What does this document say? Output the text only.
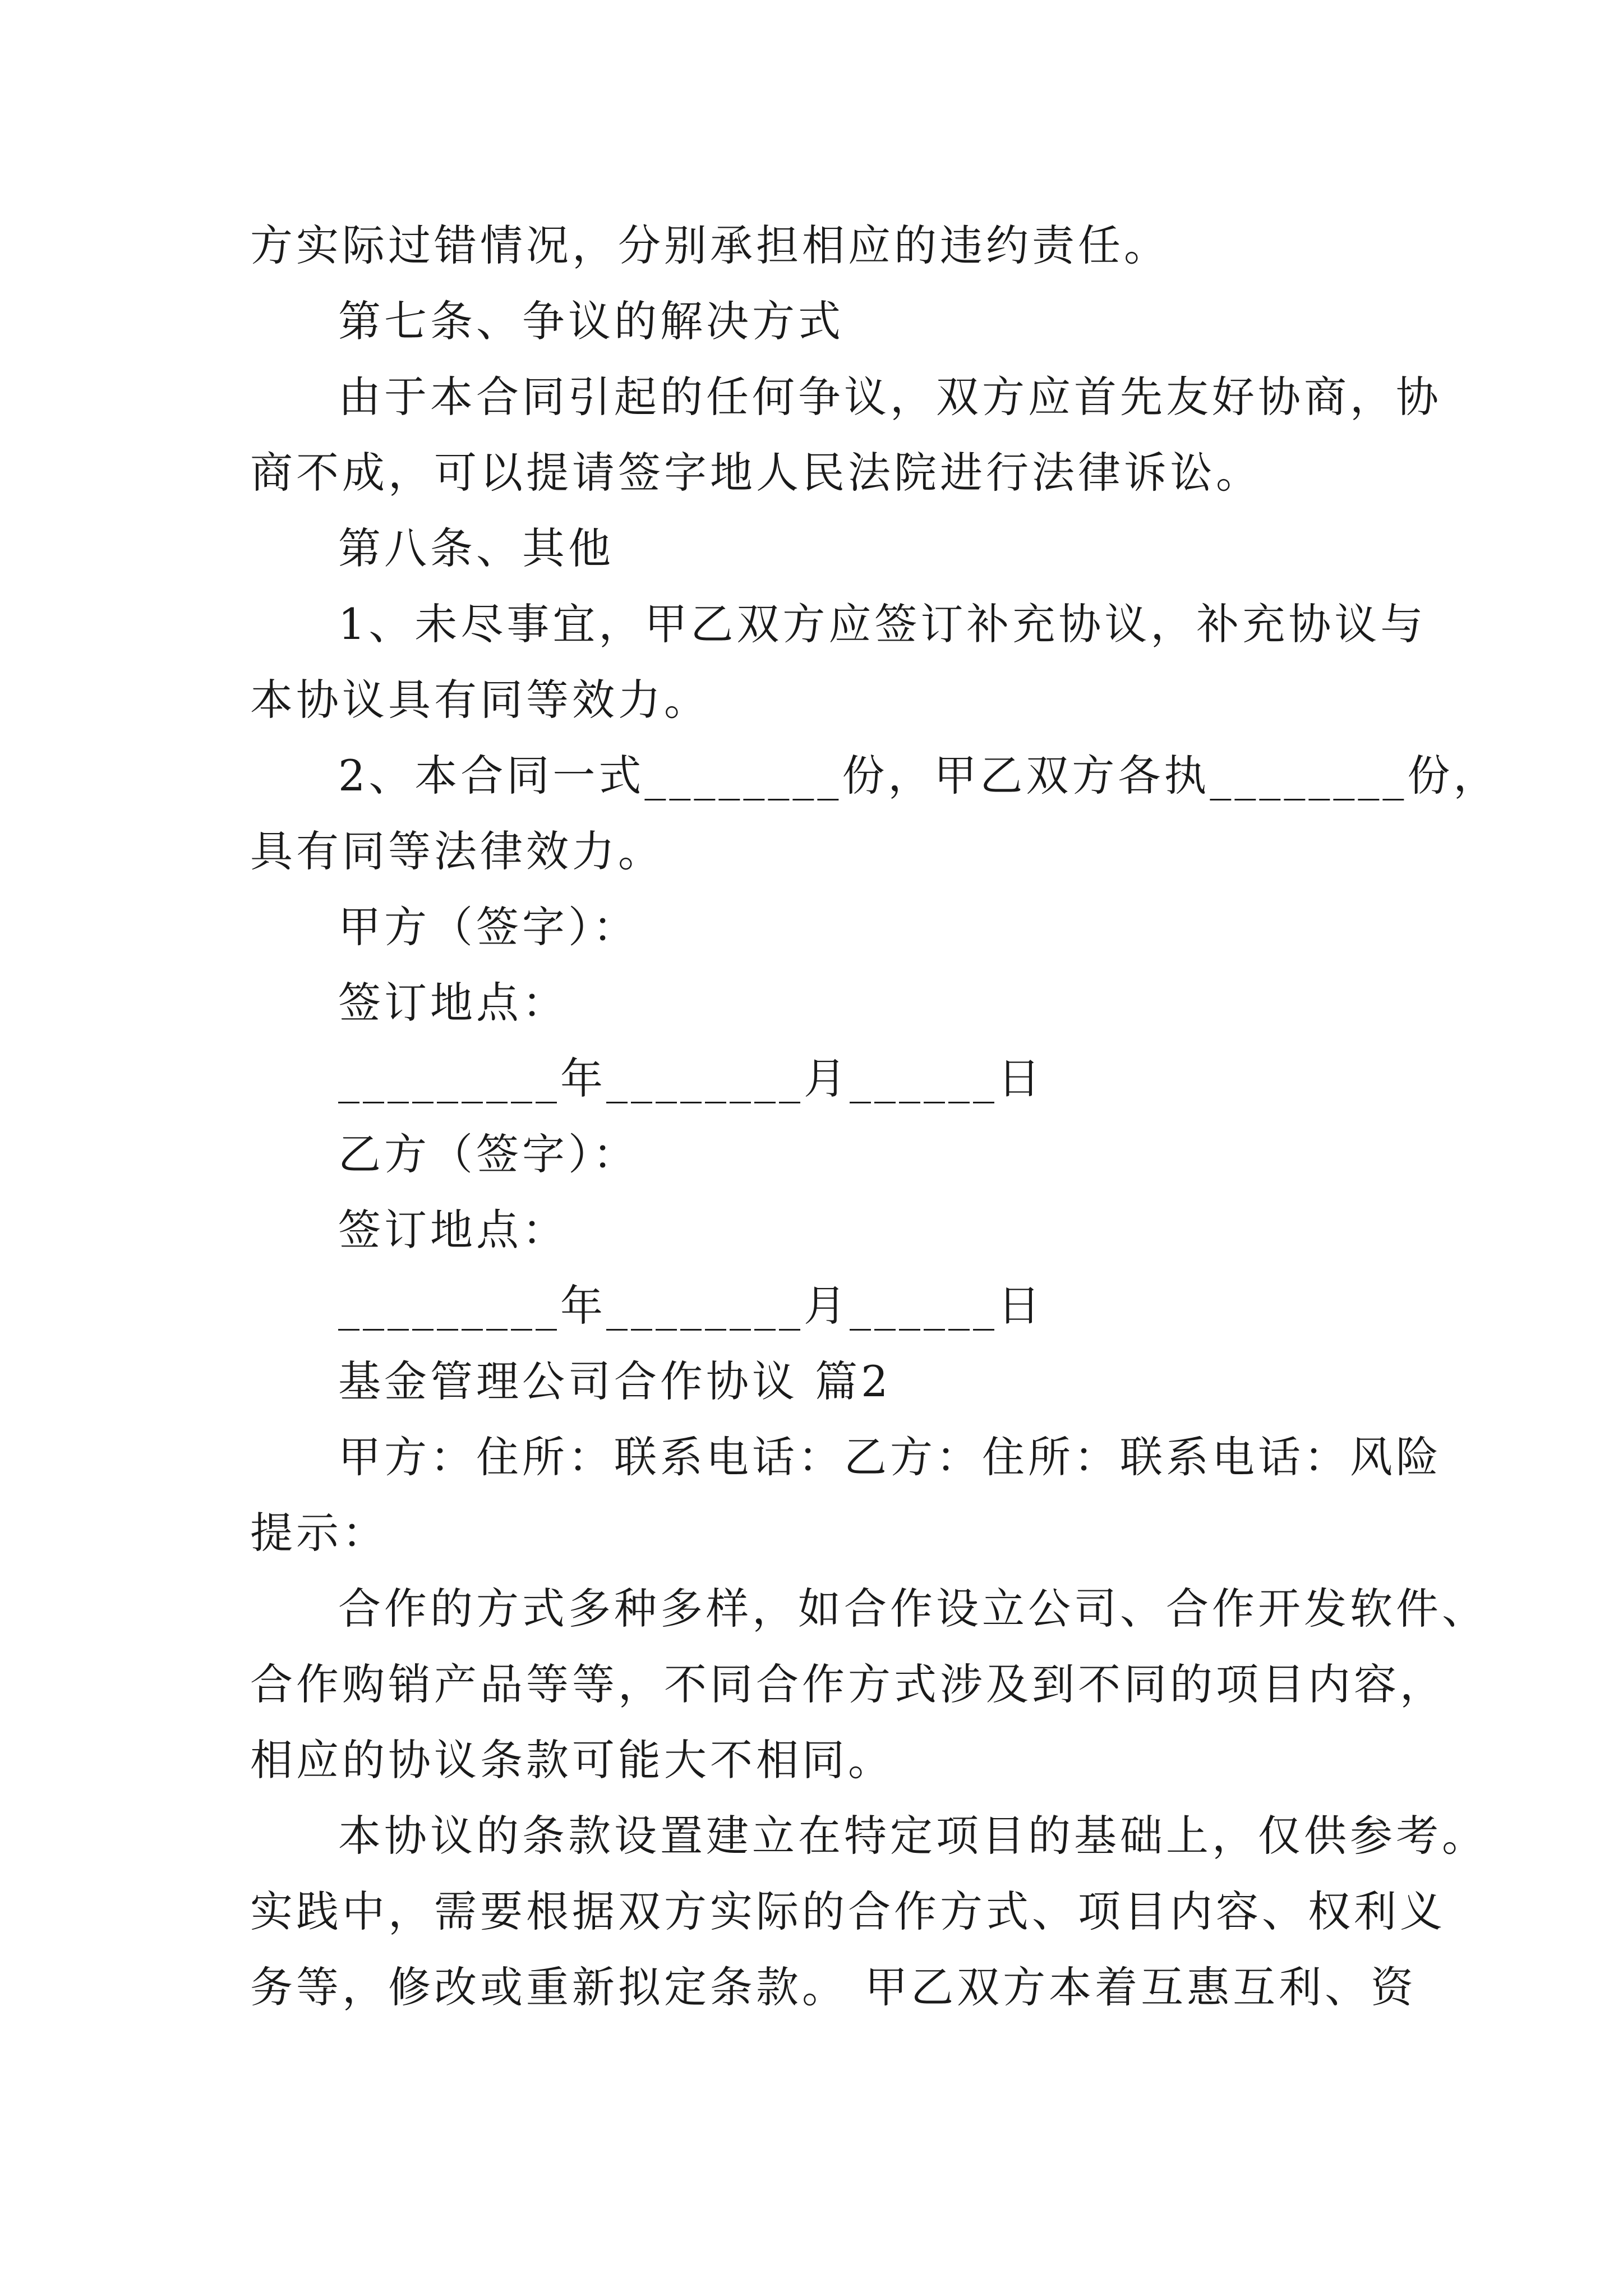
方实际过错情况，分别承担相应的违约责任。
第七条、争议的解决方式
由于本合同引起的任何争议，双方应首先友好协商，协
商不成，可以提请签字地人民法院进行法律诉讼。
第八条、其他
1、未尽事宜，甲乙双方应签订补充协议，补充协议与
本协议具有同等效力。
2、本合同一式________份，甲乙双方各执________份，
具有同等法律效力。
甲方（签字）：
签订地点：
_________年________月______日
乙方（签字）：
签订地点：
_________年________月______日
基金管理公司合作协议 篇2
甲方：住所：联系电话：乙方：住所：联系电话：风险
提示：
合作的方式多种多样，如合作设立公司、合作开发软件、
合作购销产品等等，不同合作方式涉及到不同的项目内容，
相应的协议条款可能大不相同。
本协议的条款设置建立在特定项目的基础上，仅供参考。
实践中，需要根据双方实际的合作方式、项目内容、权利义
务等，修改或重新拟定条款。 甲乙双方本着互惠互利、资
